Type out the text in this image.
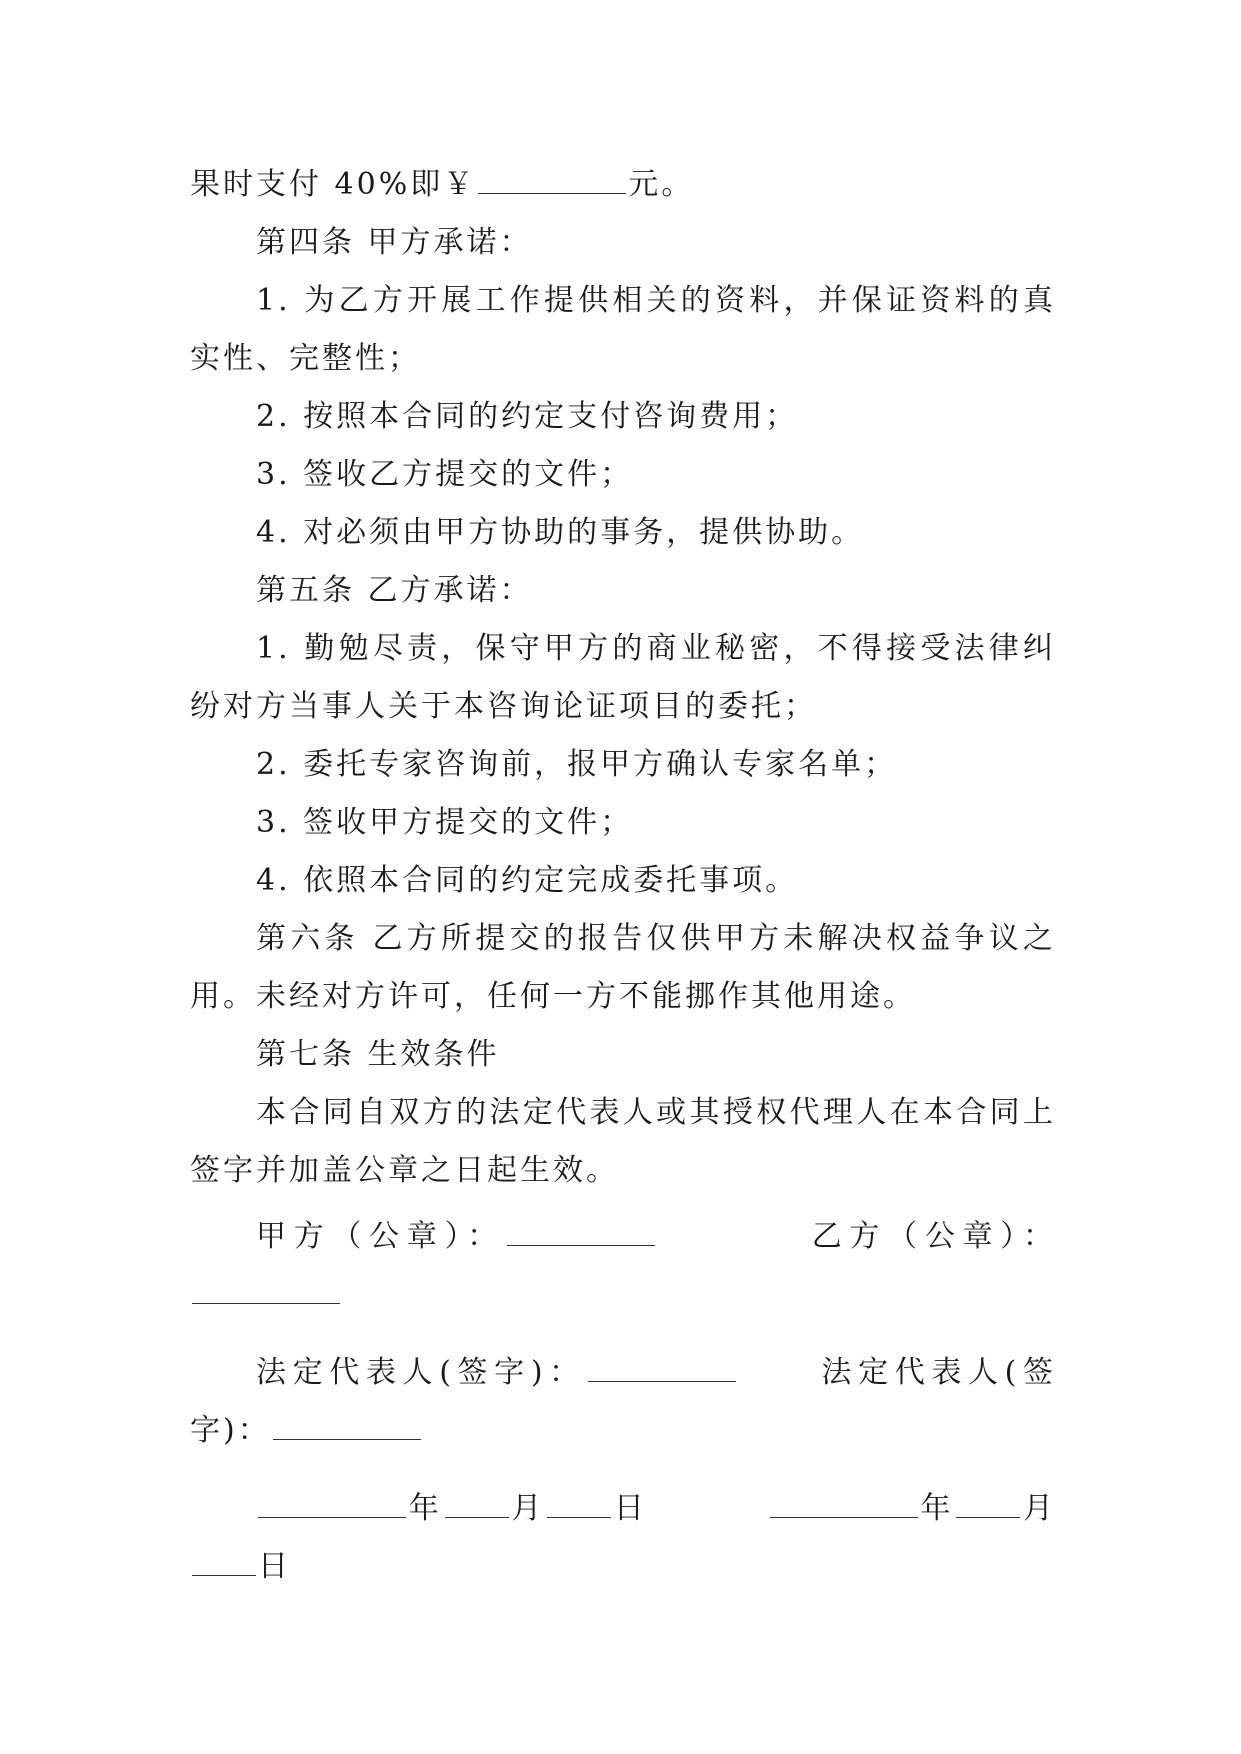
果时支付 40%即￥	元。

第四条 甲方承诺：

1. 为乙方开展工作提供相关的资料，并保证资料的真实性、完整性；

2. 按照本合同的约定支付咨询费用；

3. 签收乙方提交的文件；

4. 对必须由甲方协助的事务，提供协助。

第五条 乙方承诺：

1. 勤勉尽责，保守甲方的商业秘密，不得接受法律纠纷对方当事人关于本咨询论证项目的委托；

2. 委托专家咨询前，报甲方确认专家名单；

3. 签收甲方提交的文件；

4. 依照本合同的约定完成委托事项。

第六条 乙方所提交的报告仅供甲方未解决权益争议之用。未经对方许可，任何一方不能挪作其他用途。

第七条 生效条件

本合同自双方的法定代表人或其授权代理人在本合同上签字并加盖公章之日起生效。

甲方（公章）：	乙方（公章）：

法定代表人(签字)：	法定代表人(签字)：

年 月 日	年 月日
